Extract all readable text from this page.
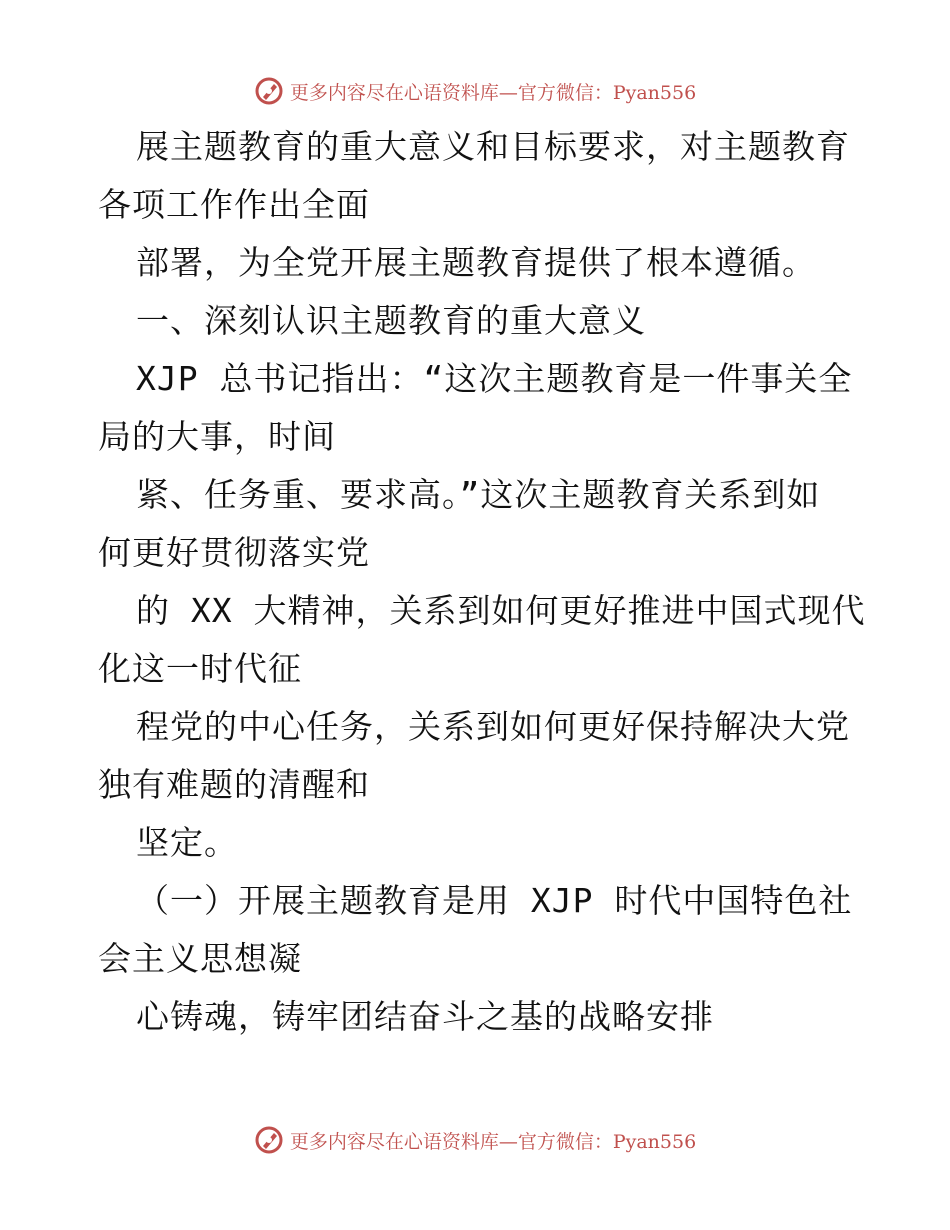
更多内容尽在心语资料库—官方微信：Pyan556
展主题教育的重大意义和目标要求，对主题教育
各项工作作出全面
部署，为全党开展主题教育提供了根本遵循。
一、深刻认识主题教育的重大意义
XJP 总书记指出：“这次主题教育是一件事关全
局的大事，时间
紧、任务重、要求高。”这次主题教育关系到如
何更好贯彻落实党
的 XX 大精神，关系到如何更好推进中国式现代
化这一时代征
程党的中心任务，关系到如何更好保持解决大党
独有难题的清醒和
坚定。
（一）开展主题教育是用 XJP 时代中国特色社
会主义思想凝
心铸魂，铸牢团结奋斗之基的战略安排
更多内容尽在心语资料库—官方微信：Pyan556
